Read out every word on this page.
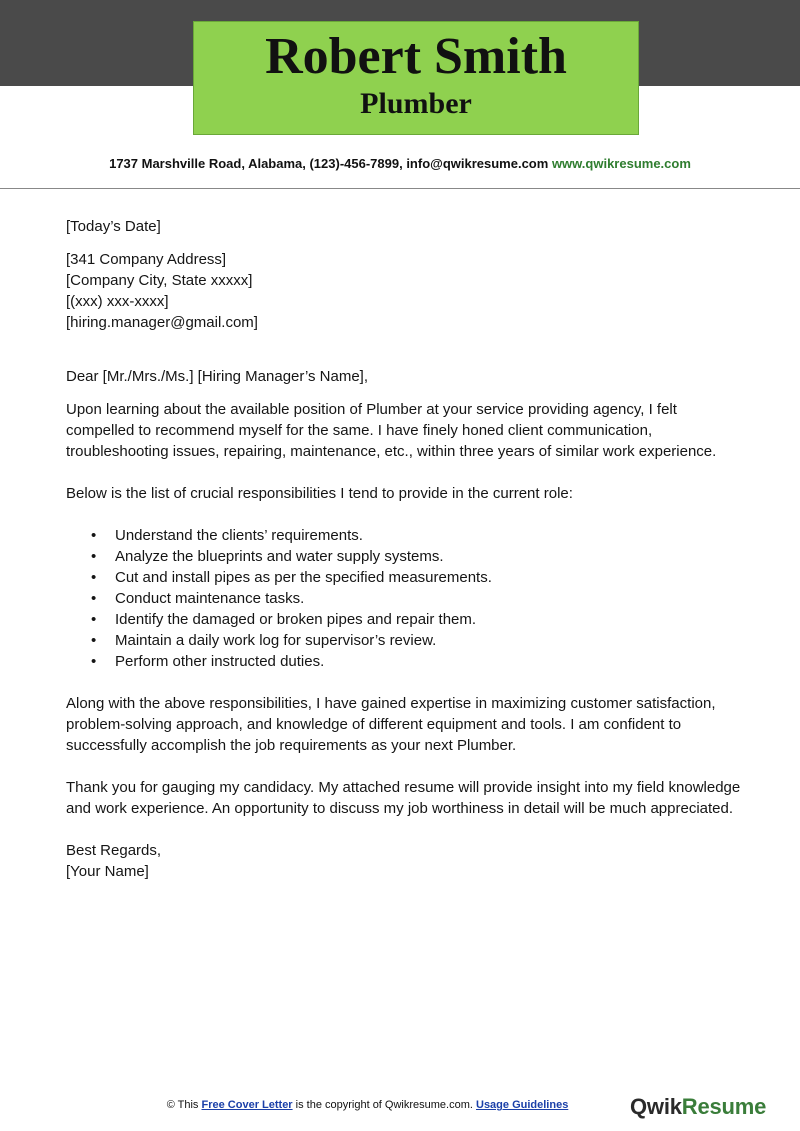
Robert Smith
Plumber
1737 Marshville Road, Alabama, (123)-456-7899, info@qwikresume.com www.qwikresume.com

[Today’s Date]

[341 Company Address]

[Company City, State xxxxx]

[(xxx) xxx-xxxx]

[hiring.manager@gmail.com]

Dear [Mr./Mrs./Ms.] [Hiring Manager’s Name],

Upon learning about the available position of Plumber at your service providing agency, I felt compelled to recommend myself for the same. I have finely honed client communication, troubleshooting issues, repairing, maintenance, etc., within three years of similar work experience.

Below is the list of crucial responsibilities I tend to provide in the current role:

• Understand the clients’ requirements.
• Analyze the blueprints and water supply systems.
• Cut and install pipes as per the specified measurements.
• Conduct maintenance tasks.
• Identify the damaged or broken pipes and repair them.
• Maintain a daily work log for supervisor’s review.
• Perform other instructed duties.

Along with the above responsibilities, I have gained expertise in maximizing customer satisfaction, problem-solving approach, and knowledge of different equipment and tools. I am confident to successfully accomplish the job requirements as your next Plumber.

Thank you for gauging my candidacy. My attached resume will provide insight into my field knowledge and work experience. An opportunity to discuss my job worthiness in detail will be much appreciated.

Best Regards,

[Your Name]

© This Free Cover Letter is the copyright of Qwikresume.com. Usage Guidelines	QwikResume
